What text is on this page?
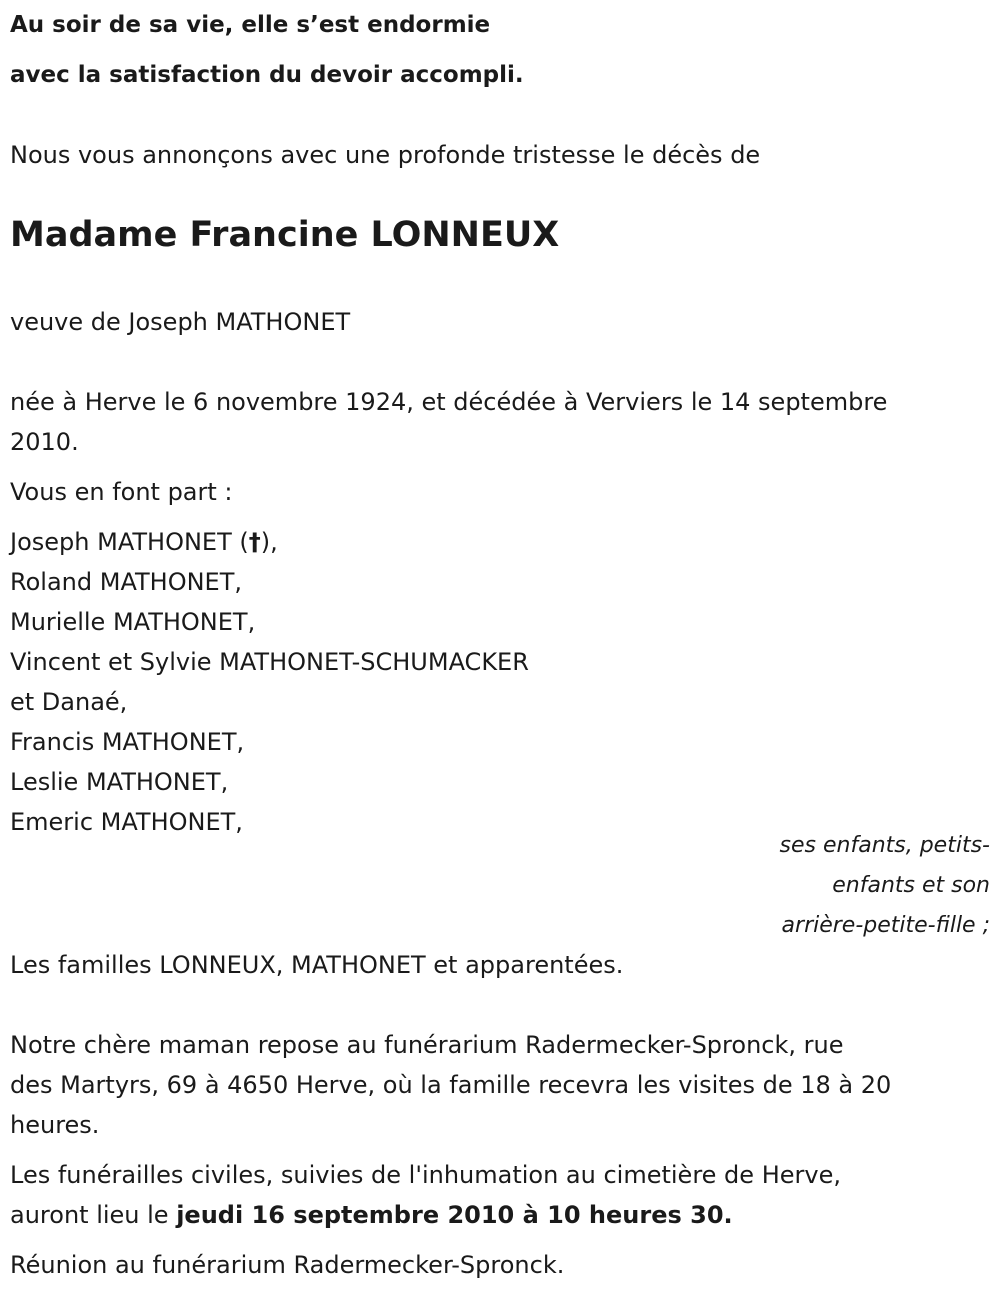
Au soir de sa vie, elle s’est endormie
avec la satisfaction du devoir accompli.
Nous vous annonçons avec une profonde tristesse le décès de
Madame Francine LONNEUX
veuve de Joseph MATHONET
née à Herve le 6 novembre 1924, et décédée à Verviers le 14 septembre
2010.
Vous en font part :
Joseph MATHONET (†),
Roland MATHONET,
Murielle MATHONET,
Vincent et Sylvie MATHONET-SCHUMACKER
et Danaé,
Francis MATHONET,
Leslie MATHONET,
Emeric MATHONET,
ses enfants, petits-
enfants et son
arrière-petite-fille ;
Les familles LONNEUX, MATHONET et apparentées.
Notre chère maman repose au funérarium Radermecker-Spronck, rue
des Martyrs, 69 à 4650 Herve, où la famille recevra les visites de 18 à 20
heures.
Les funérailles civiles, suivies de l'inhumation au cimetière de Herve,
auront lieu le jeudi 16 septembre 2010 à 10 heures 30.
Réunion au funérarium Radermecker-Spronck.
